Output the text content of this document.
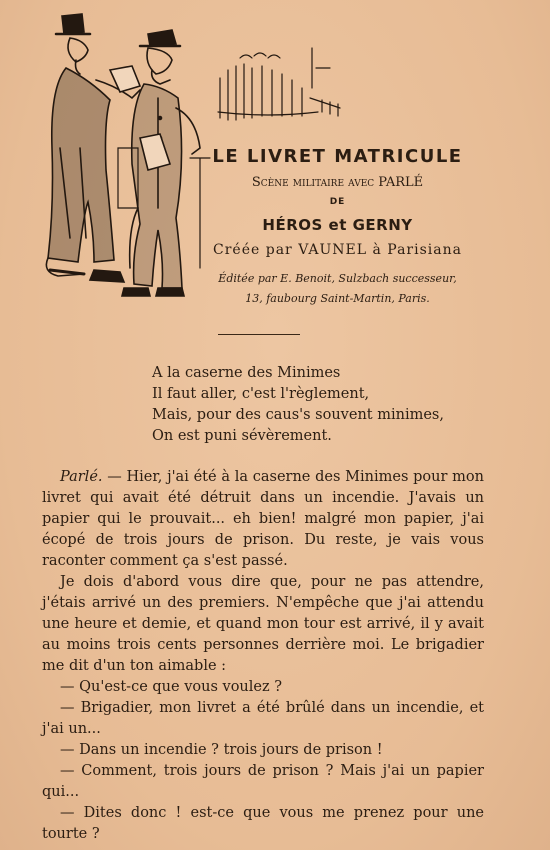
LE LIVRET MATRICULE
Scène militaire avec PARLÉ
DE
HÉROS et GERNY
Créée par VAUNEL à Parisiana
Éditée par E. Benoit, Sulzbach successeur,
13, faubourg Saint-Martin, Paris.
A la caserne des Minimes
Il faut aller, c'est l'règlement,
Mais, pour des caus's souvent minimes,
On est puni sévèrement.

Parlé. — Hier, j'ai été à la caserne des Minimes pour mon livret qui avait été détruit dans un incendie. J'avais un papier qui le prouvait... eh bien! malgré mon papier, j'ai écopé de trois jours de prison. Du reste, je vais vous raconter comment ça s'est passé.

Je dois d'abord vous dire que, pour ne pas attendre, j'étais arrivé un des premiers. N'empêche que j'ai attendu une heure et demie, et quand mon tour est arrivé, il y avait au moins trois cents personnes derrière moi. Le brigadier me dit d'un ton aimable :

— Qu'est-ce que vous voulez ?

— Brigadier, mon livret a été brûlé dans un incendie, et j'ai un...

— Dans un incendie ? trois jours de prison !

— Comment, trois jours de prison ? Mais j'ai un papier qui...

— Dites donc ! est-ce que vous me prenez pour une tourte ?
